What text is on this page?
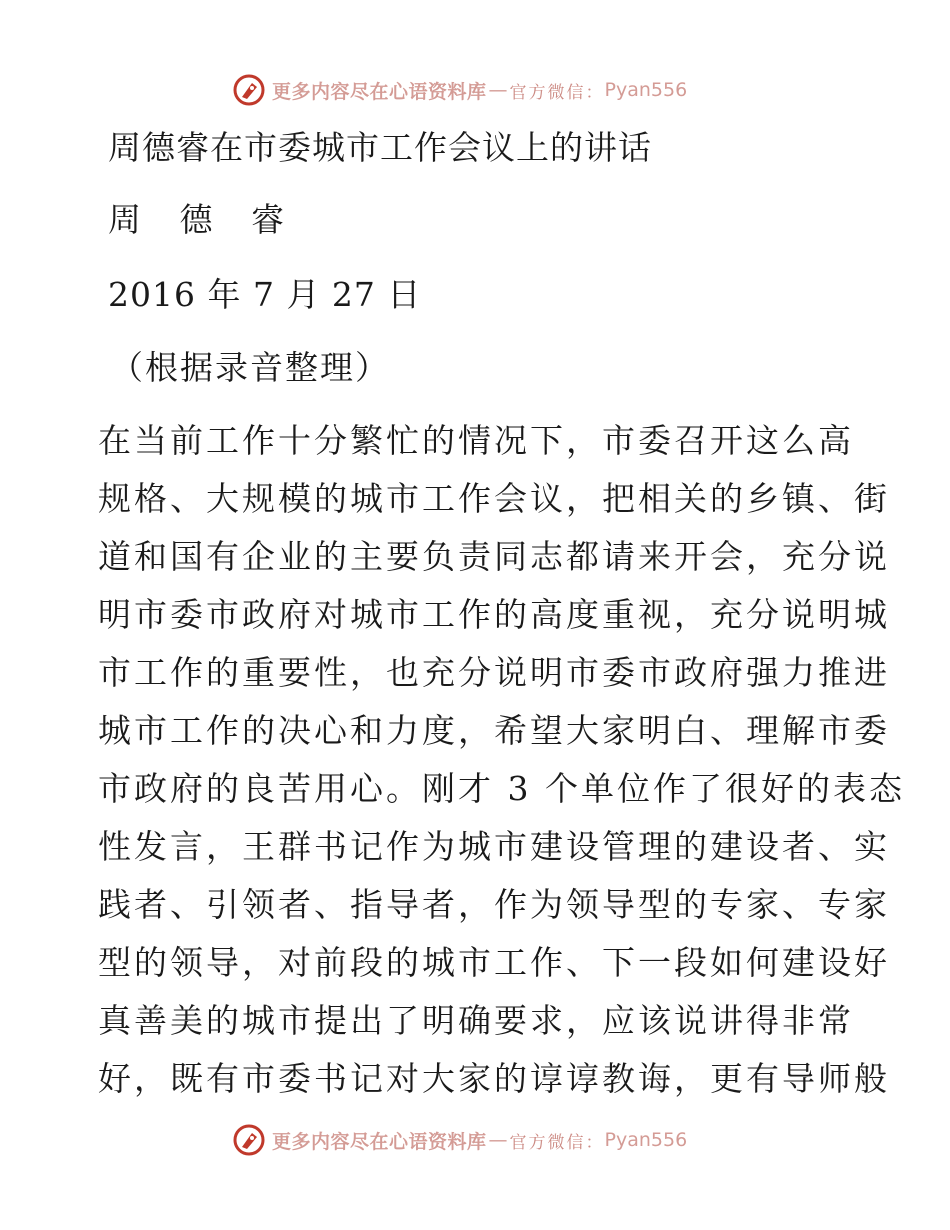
更多内容尽在心语资料库 — 官方微信： Pyan556
周德睿在市委城市工作会议上的讲话
周 德 睿
2016 年 7 月 27 日
（根据录音整理）
在当前工作十分繁忙的情况下，市委召开这么高
规格、大规模的城市工作会议，把相关的乡镇、街
道和国有企业的主要负责同志都请来开会，充分说
明市委市政府对城市工作的高度重视，充分说明城
市工作的重要性，也充分说明市委市政府强力推进
城市工作的决心和力度，希望大家明白、理解市委
市政府的良苦用心。刚才 3 个单位作了很好的表态
性发言，王群书记作为城市建设管理的建设者、实
践者、引领者、指导者，作为领导型的专家、专家
型的领导，对前段的城市工作、下一段如何建设好
真善美的城市提出了明确要求，应该说讲得非常
好，既有市委书记对大家的谆谆教诲，更有导师般
更多内容尽在心语资料库 — 官方微信： Pyan556
